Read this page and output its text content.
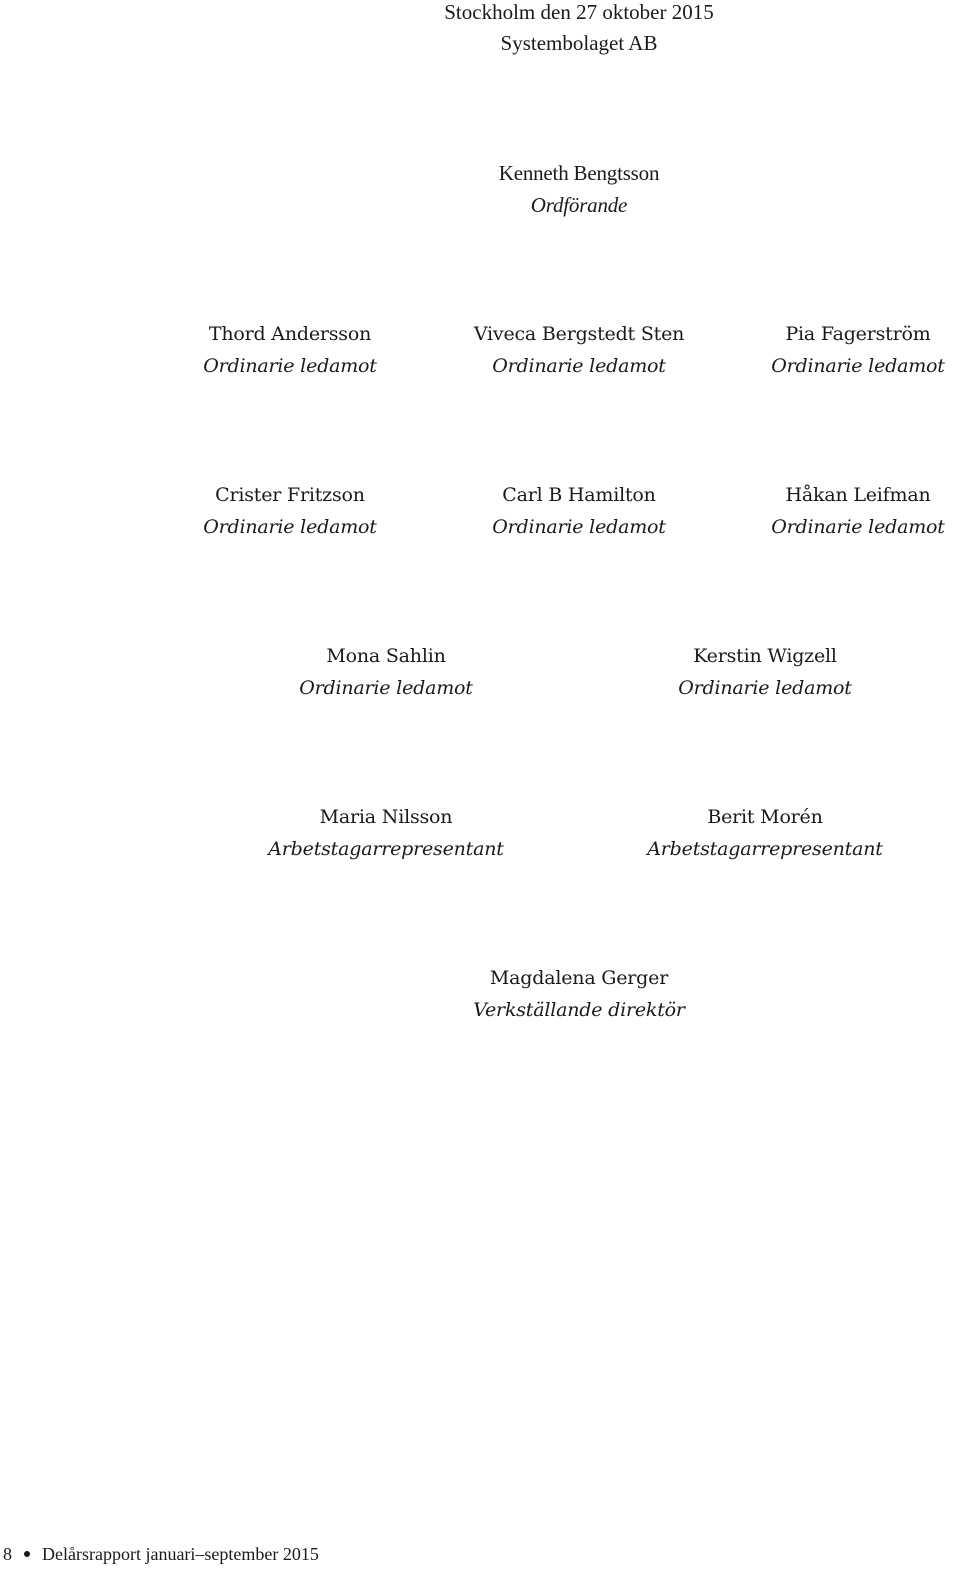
Stockholm den 27 oktober 2015
Systembolaget AB
Kenneth Bengtsson
Ordförande
Thord Andersson
Ordinarie ledamot
Viveca Bergstedt Sten
Ordinarie ledamot
Pia Fagerström
Ordinarie ledamot
Crister Fritzson
Ordinarie ledamot
Carl B Hamilton
Ordinarie ledamot
Håkan Leifman
Ordinarie ledamot
Mona Sahlin
Ordinarie ledamot
Kerstin Wigzell
Ordinarie ledamot
Maria Nilsson
Arbetstagarrepresentant
Berit Morén
Arbetstagarrepresentant
Magdalena Gerger
Verkställande direktör
8 Delårsrapport januari–september 2015
